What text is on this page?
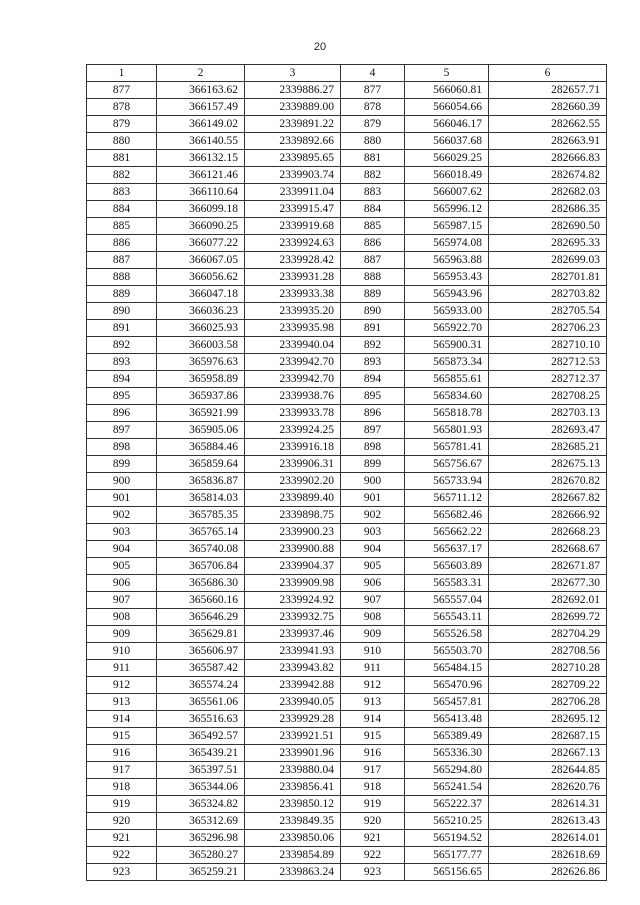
20
1	2	3	4	5	6
877	366163.62	2339886.27	877	566060.81	282657.71
878	366157.49	2339889.00	878	566054.66	282660.39
879	366149.02	2339891.22	879	566046.17	282662.55
880	366140.55	2339892.66	880	566037.68	282663.91
881	366132.15	2339895.65	881	566029.25	282666.83
882	366121.46	2339903.74	882	566018.49	282674.82
883	366110.64	2339911.04	883	566007.62	282682.03
884	366099.18	2339915.47	884	565996.12	282686.35
885	366090.25	2339919.68	885	565987.15	282690.50
886	366077.22	2339924.63	886	565974.08	282695.33
887	366067.05	2339928.42	887	565963.88	282699.03
888	366056.62	2339931.28	888	565953.43	282701.81
889	366047.18	2339933.38	889	565943.96	282703.82
890	366036.23	2339935.20	890	565933.00	282705.54
891	366025.93	2339935.98	891	565922.70	282706.23
892	366003.58	2339940.04	892	565900.31	282710.10
893	365976.63	2339942.70	893	565873.34	282712.53
894	365958.89	2339942.70	894	565855.61	282712.37
895	365937.86	2339938.76	895	565834.60	282708.25
896	365921.99	2339933.78	896	565818.78	282703.13
897	365905.06	2339924.25	897	565801.93	282693.47
898	365884.46	2339916.18	898	565781.41	282685.21
899	365859.64	2339906.31	899	565756.67	282675.13
900	365836.87	2339902.20	900	565733.94	282670.82
901	365814.03	2339899.40	901	565711.12	282667.82
902	365785.35	2339898.75	902	565682.46	282666.92
903	365765.14	2339900.23	903	565662.22	282668.23
904	365740.08	2339900.88	904	565637.17	282668.67
905	365706.84	2339904.37	905	565603.89	282671.87
906	365686.30	2339909.98	906	565583.31	282677.30
907	365660.16	2339924.92	907	565557.04	282692.01
908	365646.29	2339932.75	908	565543.11	282699.72
909	365629.81	2339937.46	909	565526.58	282704.29
910	365606.97	2339941.93	910	565503.70	282708.56
911	365587.42	2339943.82	911	565484.15	282710.28
912	365574.24	2339942.88	912	565470.96	282709.22
913	365561.06	2339940.05	913	565457.81	282706.28
914	365516.63	2339929.28	914	565413.48	282695.12
915	365492.57	2339921.51	915	565389.49	282687.15
916	365439.21	2339901.96	916	565336.30	282667.13
917	365397.51	2339880.04	917	565294.80	282644.85
918	365344.06	2339856.41	918	565241.54	282620.76
919	365324.82	2339850.12	919	565222.37	282614.31
920	365312.69	2339849.35	920	565210.25	282613.43
921	365296.98	2339850.06	921	565194.52	282614.01
922	365280.27	2339854.89	922	565177.77	282618.69
923	365259.21	2339863.24	923	565156.65	282626.86
